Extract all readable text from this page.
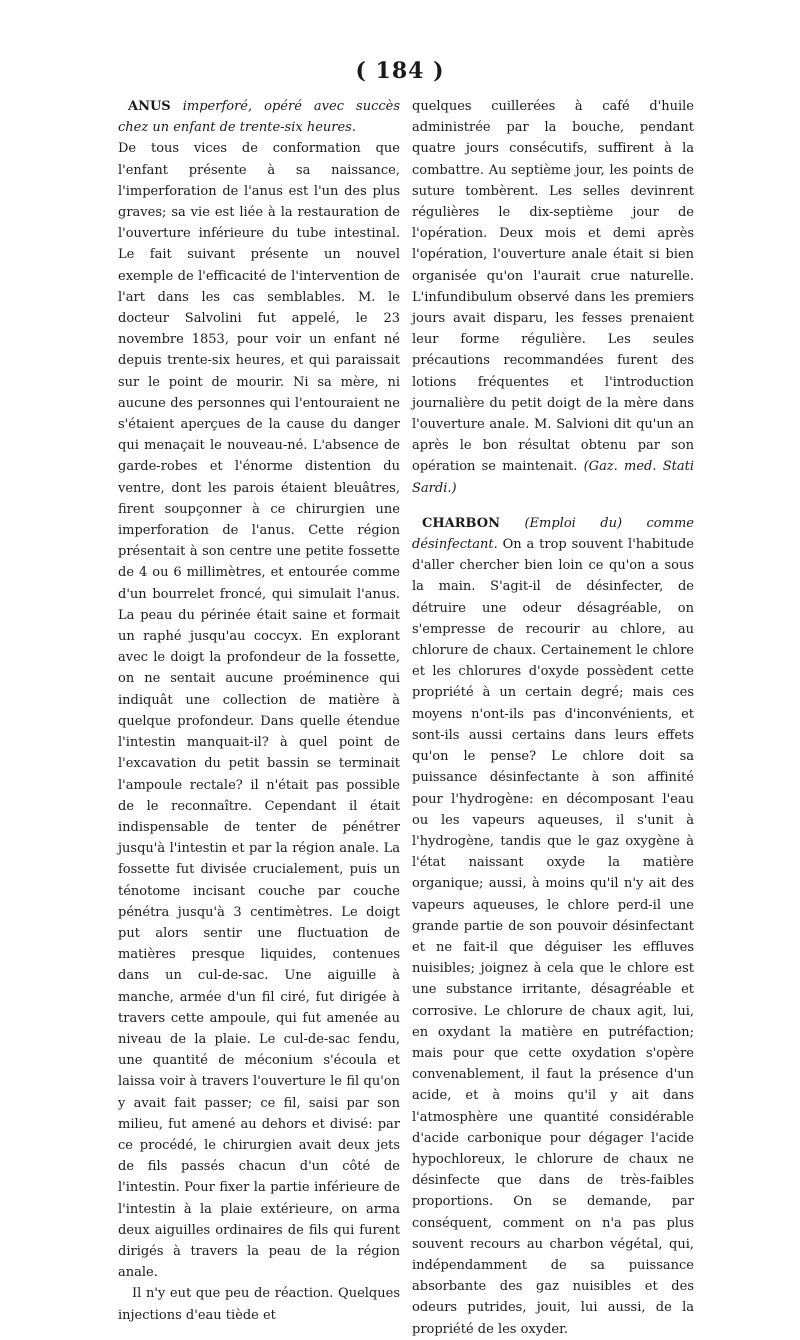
( 184 )

ANUS imperforé, opéré avec succès chez un enfant de trente-six heures.

De tous vices de conformation que l'enfant présente à sa naissance, l'imperforation de l'anus est l'un des plus graves; sa vie est liée à la restauration de l'ouverture inférieure du tube intestinal. Le fait suivant présente un nouvel exemple de l'efficacité de l'intervention de l'art dans les cas semblables. M. le docteur Salvolini fut appelé, le 23 novembre 1853, pour voir un enfant né depuis trente-six heures, et qui paraissait sur le point de mourir. Ni sa mère, ni aucune des personnes qui l'entouraient ne s'étaient aperçues de la cause du danger qui menaçait le nouveau-né. L'absence de garde-robes et l'énorme distention du ventre, dont les parois étaient bleuâtres, firent soupçonner à ce chirurgien une imperforation de l'anus. Cette région présentait à son centre une petite fossette de 4 ou 6 millimètres, et entourée comme d'un bourrelet froncé, qui simulait l'anus. La peau du périnée était saine et formait un raphé jusqu'au coccyx. En explorant avec le doigt la profondeur de la fossette, on ne sentait aucune proéminence qui indiquât une collection de matière à quelque profondeur. Dans quelle étendue l'intestin manquait-il? à quel point de l'excavation du petit bassin se terminait l'ampoule rectale? il n'était pas possible de le reconnaître. Cependant il était indispensable de tenter de pénétrer jusqu'à l'intestin et par la région anale. La fossette fut divisée crucialement, puis un ténotome incisant couche par couche pénétra jusqu'à 3 centimètres. Le doigt put alors sentir une fluctuation de matières presque liquides, contenues dans un cul-de-sac. Une aiguille à manche, armée d'un fil ciré, fut dirigée à travers cette ampoule, qui fut amenée au niveau de la plaie. Le cul-de-sac fendu, une quantité de méconium s'écoula et laissa voir à travers l'ouverture le fil qu'on y avait fait passer; ce fil, saisi par son milieu, fut amené au dehors et divisé: par ce procédé, le chirurgien avait deux jets de fils passés chacun d'un côté de l'intestin. Pour fixer la partie inférieure de l'intestin à la plaie extérieure, on arma deux aiguilles ordinaires de fils qui furent dirigés à travers la peau de la région anale.

Il n'y eut que peu de réaction. Quelques injections d'eau tiède et

quelques cuillerées à café d'huile administrée par la bouche, pendant quatre jours consécutifs, suffirent à la combattre. Au septième jour, les points de suture tombèrent. Les selles devinrent régulières le dix-septième jour de l'opération. Deux mois et demi après l'opération, l'ouverture anale était si bien organisée qu'on l'aurait crue naturelle. L'infundibulum observé dans les premiers jours avait disparu, les fesses prenaient leur forme régulière. Les seules précautions recommandées furent des lotions fréquentes et l'introduction journalière du petit doigt de la mère dans l'ouverture anale. M. Salvioni dit qu'un an après le bon résultat obtenu par son opération se maintenait. (Gaz. med. Stati Sardi.)

CHARBON (Emploi du) comme désinfectant. On a trop souvent l'habitude d'aller chercher bien loin ce qu'on a sous la main. S'agit-il de désinfecter, de détruire une odeur désagréable, on s'empresse de recourir au chlore, au chlorure de chaux. Certainement le chlore et les chlorures d'oxyde possèdent cette propriété à un certain degré; mais ces moyens n'ont-ils pas d'inconvénients, et sont-ils aussi certains dans leurs effets qu'on le pense? Le chlore doit sa puissance désinfectante à son affinité pour l'hydrogène: en décomposant l'eau ou les vapeurs aqueuses, il s'unit à l'hydrogène, tandis que le gaz oxygène à l'état naissant oxyde la matière organique; aussi, à moins qu'il n'y ait des vapeurs aqueuses, le chlore perd-il une grande partie de son pouvoir désinfectant et ne fait-il que déguiser les effluves nuisibles; joignez à cela que le chlore est une substance irritante, désagréable et corrosive. Le chlorure de chaux agit, lui, en oxydant la matière en putréfaction; mais pour que cette oxydation s'opère convenablement, il faut la présence d'un acide, et à moins qu'il y ait dans l'atmosphère une quantité considérable d'acide carbonique pour dégager l'acide hypochloreux, le chlorure de chaux ne désinfecte que dans de très-faibles proportions. On se demande, par conséquent, comment on n'a pas plus souvent recours au charbon végétal, qui, indépendamment de sa puissance absorbante des gaz nuisibles et des odeurs putrides, jouit, lui aussi, de la propriété de les oxyder.
